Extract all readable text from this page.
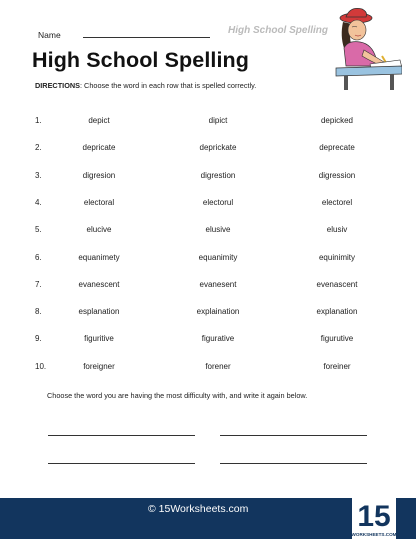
Name	High School Spelling
High School Spelling
DIRECTIONS: Choose the word in each row that is spelled correctly.
1.	depict	dipict	depicked
2.	depricate	deprickate	deprecate
3.	digresion	digrestion	digression
4.	electoral	electorul	electorel
5.	elucive	elusive	elusiv
6.	equanimety	equanimity	equinimity
7.	evanescent	evanesent	evenascent
8.	esplanation	explaination	explanation
9.	figuritive	figurative	figurutive
10.	foreigner	forener	foreiner
Choose the word you are having the most difficulty with, and write it again below.
© 15Worksheets.com	15
WORKSHEETS.COM
